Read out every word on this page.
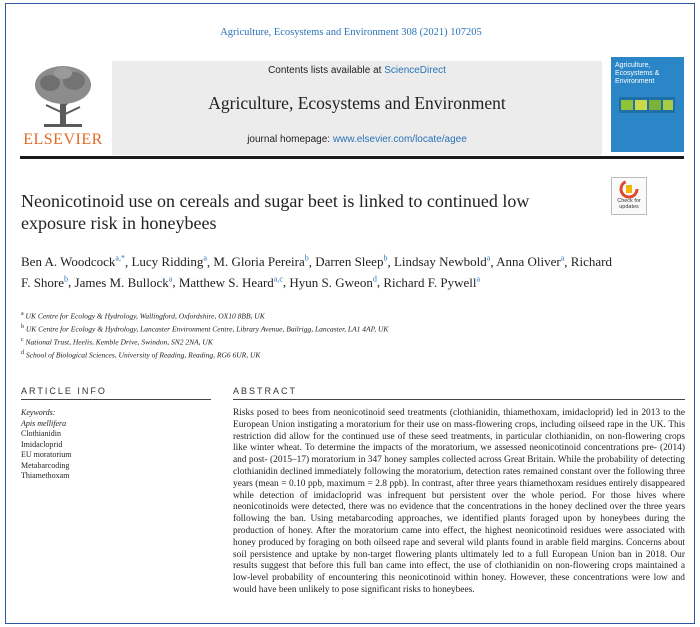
Agriculture, Ecosystems and Environment 308 (2021) 107205
ELSEVIER
Contents lists available at ScienceDirect
Agriculture, Ecosystems and Environment
journal homepage: www.elsevier.com/locate/agee
Agriculture, Ecosystems & Environment
Neonicotinoid use on cereals and sugar beet is linked to continued low exposure risk in honeybees
Check for
updates
Ben A. Woodcock$^{a,*}$, Lucy Ridding$^a$, M. Gloria Pereira$^b$, Darren Sleep$^b$, Lindsay Newbold$^a$, Anna Oliver$^a$, Richard F. Shore$^b$, James M. Bullock$^a$, Matthew S. Heard$^{a,c}$, Hyun S. Gweon$^d$, Richard F. Pywell$^a$
$^a$ UK Centre for Ecology & Hydrology, Wallingford, Oxfordshire, OX10 8BB, UK
$^b$ UK Centre for Ecology & Hydrology, Lancaster Environment Centre, Library Avenue, Bailrigg, Lancaster, LA1 4AP, UK
$^c$ National Trust, Heelis, Kemble Drive, Swindon, SN2 2NA, UK
$^d$ School of Biological Sciences, University of Reading, Reading, RG6 6UR, UK
ARTICLE INFO	ABSTRACT
Keywords:
Apis mellifera
Clothianidin
Imidacloprid
EU moratorium
Metabarcoding
Thiamethoxam
Risks posed to bees from neonicotinoid seed treatments (clothianidin, thiamethoxam, imidacloprid) led in 2013 to the European Union instigating a moratorium for their use on mass-flowering crops, including oilseed rape in the UK. This restriction did allow for the continued use of these seed treatments, in particular clothianidin, on non-flowering crops like winter wheat. To determine the impacts of the moratorium, we assessed neonicotinoid concentrations pre- (2014) and post- (2015–17) moratorium in 347 honey samples collected across Great Britain. While the probability of detecting clothianidin declined immediately following the moratorium, detection rates remained constant over the following three years (mean = 0.10 ppb, maximum = 2.8 ppb). In contrast, after three years thiamethoxam residues entirely disappeared while detection of imidacloprid was infrequent but persistent over the whole period. For those hives where neonicotinoids were detected, there was no evidence that the concentrations in the honey declined over the three years following the ban. Using metabarcoding approaches, we identified plants foraged upon by honeybees during the production of honey. After the moratorium came into effect, the highest neonicotinoid residues were associated with honey produced by foraging on both oilseed rape and several wild plants found in arable field margins. Concerns about soil persistence and uptake by non-target flowering plants ultimately led to a full European Union ban in 2018. Our results suggest that before this full ban came into effect, the use of clothianidin on non-flowering crops maintained a low-level probability of encountering this neonicotinoid within honey. However, these concentrations were low and would have been unlikely to pose significant risks to honeybees.
